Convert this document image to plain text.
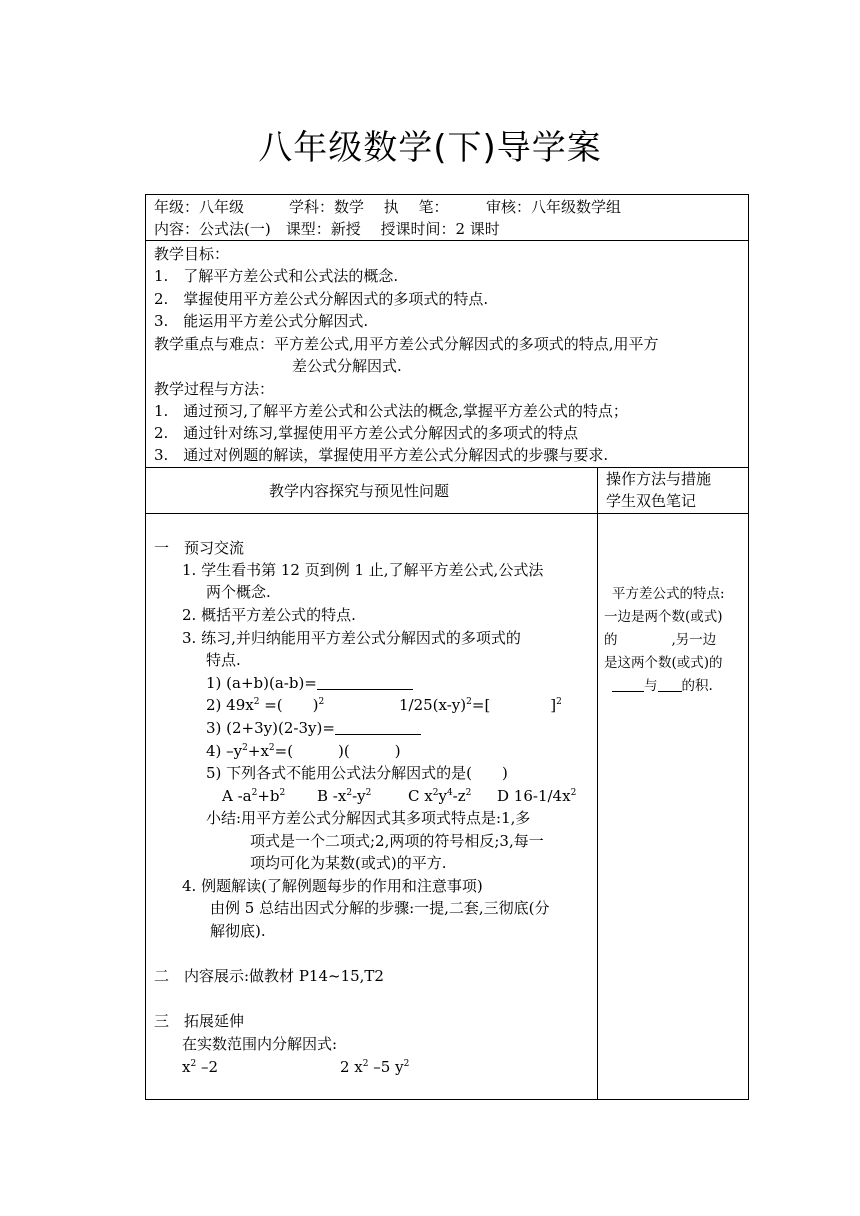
八年级数学(下)导学案
年级：八年级　　　学科：数学　 执　 笔：　　　审核：八年级数学组
内容：公式法(一)　课型：新授　 授课时间：2 课时
教学目标：
1.　了解平方差公式和公式法的概念.
2.　掌握使用平方差公式分解因式的多项式的特点.
3.　能运用平方差公式分解因式.
教学重点与难点：平方差公式,用平方差公式分解因式的多项式的特点,用平方
差公式分解因式.
教学过程与方法：
1.　通过预习,了解平方差公式和公式法的概念,掌握平方差公式的特点；
2.　通过针对练习,掌握使用平方差公式分解因式的多项式的特点
3.　通过对例题的解读，掌握使用平方差公式分解因式的步骤与要求.
教学内容探究与预见性问题
操作方法与措施
学生双色笔记
一　预习交流
1. 学生看书第 12 页到例 1 止,了解平方差公式,公式法
两个概念.
2. 概括平方差公式的特点.
3. 练习,并归纳能用平方差公式分解因式的多项式的
特点.
1) (a+b)(a-b)=
2) $49x^2$ =(　　)$^2$	$1/25(x-y)^2=$[　　　　]$^2$
3) (2+3y)(2-3y)=
4) $-y^2+x^2=$(　　　)(　　　)
5) 下列各式不能用公式法分解因式的是(　　)
A $-a^2+b^2$ B $-x^2-y^2$ C $x^2y^4-z^2$ D $16-1/4x^2$
小结:用平方差公式分解因式其多项式特点是:1,多
项式是一个二项式;2,两项的符号相反;3,每一
项均可化为某数(或式)的平方.
4. 例题解读(了解例题每步的作用和注意事项)
由例 5 总结出因式分解的步骤:一提,二套,三彻底(分
解彻底).
二　内容展示:做教材 P14~15,T2
三　拓展延伸
在实数范围内分解因式:
$x^2$ –2	2 $x^2$ –5 $y^2$
平方差公式的特点:
一边是两个数(或式)
的　　　　,另一边
是这两个数(或式)的
与 的积.
